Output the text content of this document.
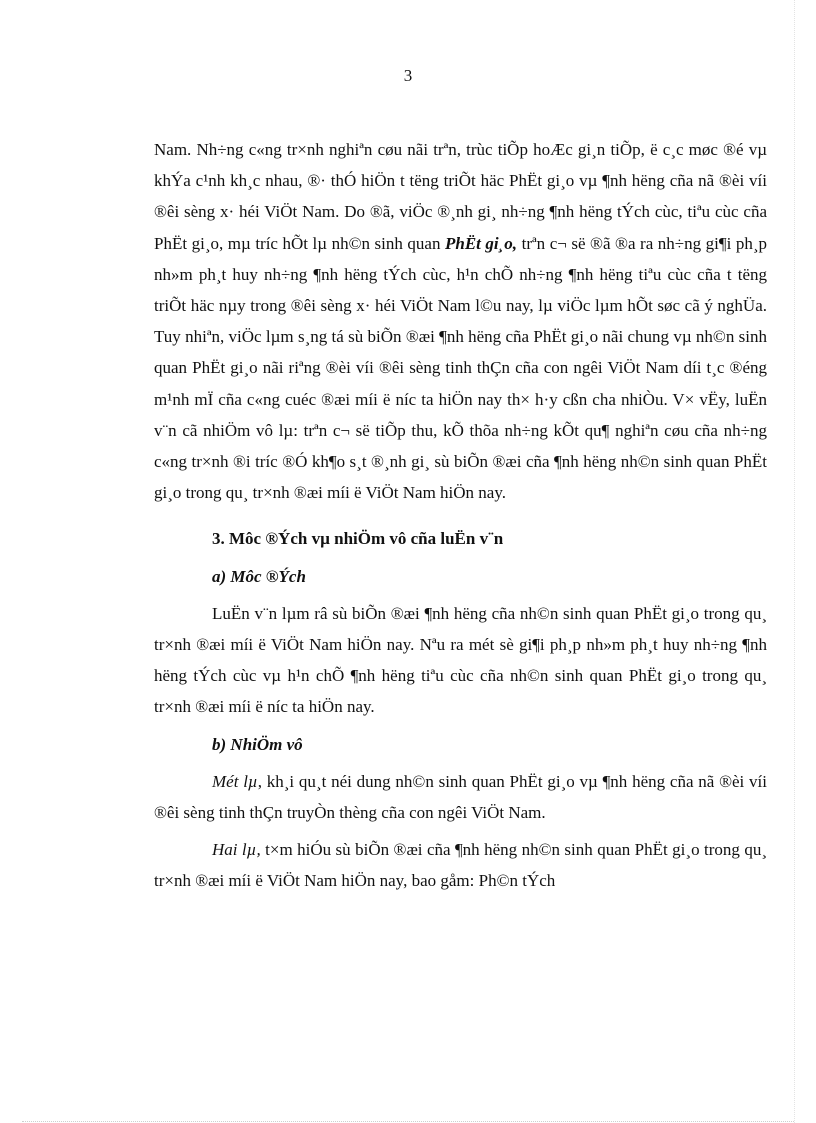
3

Nam. Nh÷ng c«ng tr×nh nghiªn cøu nãi trªn, trùc tiÕp hoÆc gi¸n tiÕp, ë c¸c møc ®é vµ khÝa c¹nh kh¸c nhau, ®· thÓ hiÖn t tëng triÕt häc PhËt gi¸o vµ ¶nh hëng cña nã ®èi víi ®êi sèng x· héi ViÖt Nam. Do ®ã, viÖc ®¸nh gi¸ nh÷ng ¶nh hëng tÝch cùc, tiªu cùc cña PhËt gi¸o, mµ tríc hÕt lµ nh©n sinh quan PhËt gi¸o, trªn c¬ së ®ã ®a ra nh÷ng gi¶i ph¸p nh»m ph¸t huy nh÷ng ¶nh hëng tÝch cùc, h¹n chÕ nh÷ng ¶nh hëng tiªu cùc cña t tëng triÕt häc nµy trong ®êi sèng x· héi ViÖt Nam l©u nay, lµ viÖc lµm hÕt søc cã ý nghÜa. Tuy nhiªn, viÖc lµm s¸ng tá sù biÕn ®æi ¶nh hëng cña PhËt gi¸o nãi chung vµ nh©n sinh quan PhËt gi¸o nãi riªng ®èi víi ®êi sèng tinh thÇn cña con ngêi ViÖt Nam díi t¸c ®éng m¹nh mÏ cña c«ng cuéc ®æi míi ë níc ta hiÖn nay th× h·y cßn cha nhiÒu. V× vËy, luËn v¨n cã nhiÖm vô lµ: trªn c¬ së tiÕp thu, kÕ thõa nh÷ng kÕt qu¶ nghiªn cøu cña nh÷ng c«ng tr×nh ®i tríc ®Ó kh¶o s¸t ®¸nh gi¸ sù biÕn ®æi cña ¶nh hëng nh©n sinh quan PhËt gi¸o trong qu¸ tr×nh ®æi míi ë ViÖt Nam hiÖn nay.

3. Môc ®Ých vµ nhiÖm vô cña luËn v¨n

a) Môc ®Ých

LuËn v¨n lµm râ sù biÕn ®æi ¶nh hëng cña nh©n sinh quan PhËt gi¸o trong qu¸ tr×nh ®æi míi ë ViÖt Nam hiÖn nay. Nªu ra mét sè gi¶i ph¸p nh»m ph¸t huy nh÷ng ¶nh hëng tÝch cùc vµ h¹n chÕ ¶nh hëng tiªu cùc cña nh©n sinh quan PhËt gi¸o trong qu¸ tr×nh ®æi míi ë níc ta hiÖn nay.

b) NhiÖm vô

Mét lµ, kh¸i qu¸t néi dung nh©n sinh quan PhËt gi¸o vµ ¶nh hëng cña nã ®èi víi ®êi sèng tinh thÇn truyÒn thèng cña con ngêi ViÖt Nam.

Hai lµ, t×m hiÓu sù biÕn ®æi cña ¶nh hëng nh©n sinh quan PhËt gi¸o trong qu¸ tr×nh ®æi míi ë ViÖt Nam hiÖn nay, bao gåm: Ph©n tÝch
